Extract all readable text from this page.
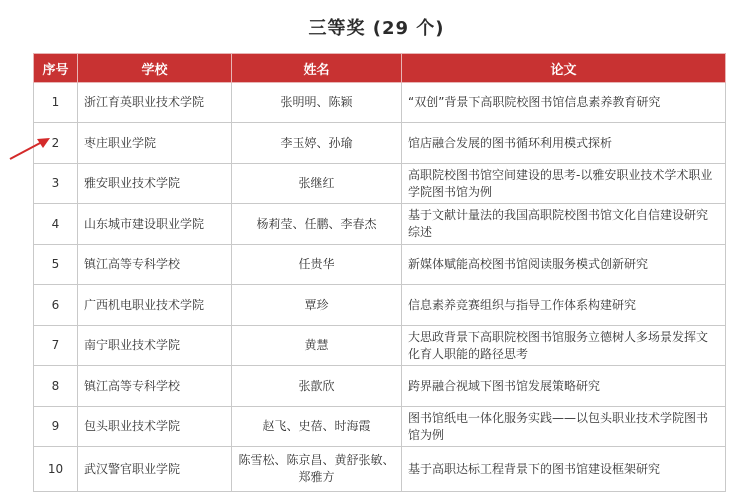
三等奖 (29 个)
序号	学校	姓名	论文
1	浙江育英职业技术学院	张明明、陈颖	“双创”背景下高职院校图书馆信息素养教育研究
2	枣庄职业学院	李玉婷、孙瑜	馆店融合发展的图书循环利用模式探析
3	雅安职业技术学院	张继红	高职院校图书馆空间建设的思考-以雅安职业技术学术职业学院图书馆为例
4	山东城市建设职业学院	杨莉莹、任鹏、李春杰	基于文献计量法的我国高职院校图书馆文化自信建设研究综述
5	镇江高等专科学校	任贵华	新媒体赋能高校图书馆阅读服务模式创新研究
6	广西机电职业技术学院	覃珍	信息素养竞赛组织与指导工作体系构建研究
7	南宁职业技术学院	黄慧	大思政背景下高职院校图书馆服务立德树人多场景发挥文化育人职能的路径思考
8	镇江高等专科学校	张歖欣	跨界融合视域下图书馆发展策略研究
9	包头职业技术学院	赵飞、史蓓、时海霞	图书馆纸电一体化服务实践——以包头职业技术学院图书馆为例
10	武汉警官职业学院	陈雪松、陈京昌、黄舒张敏、郑雅方	基于高职达标工程背景下的图书馆建设框架研究
